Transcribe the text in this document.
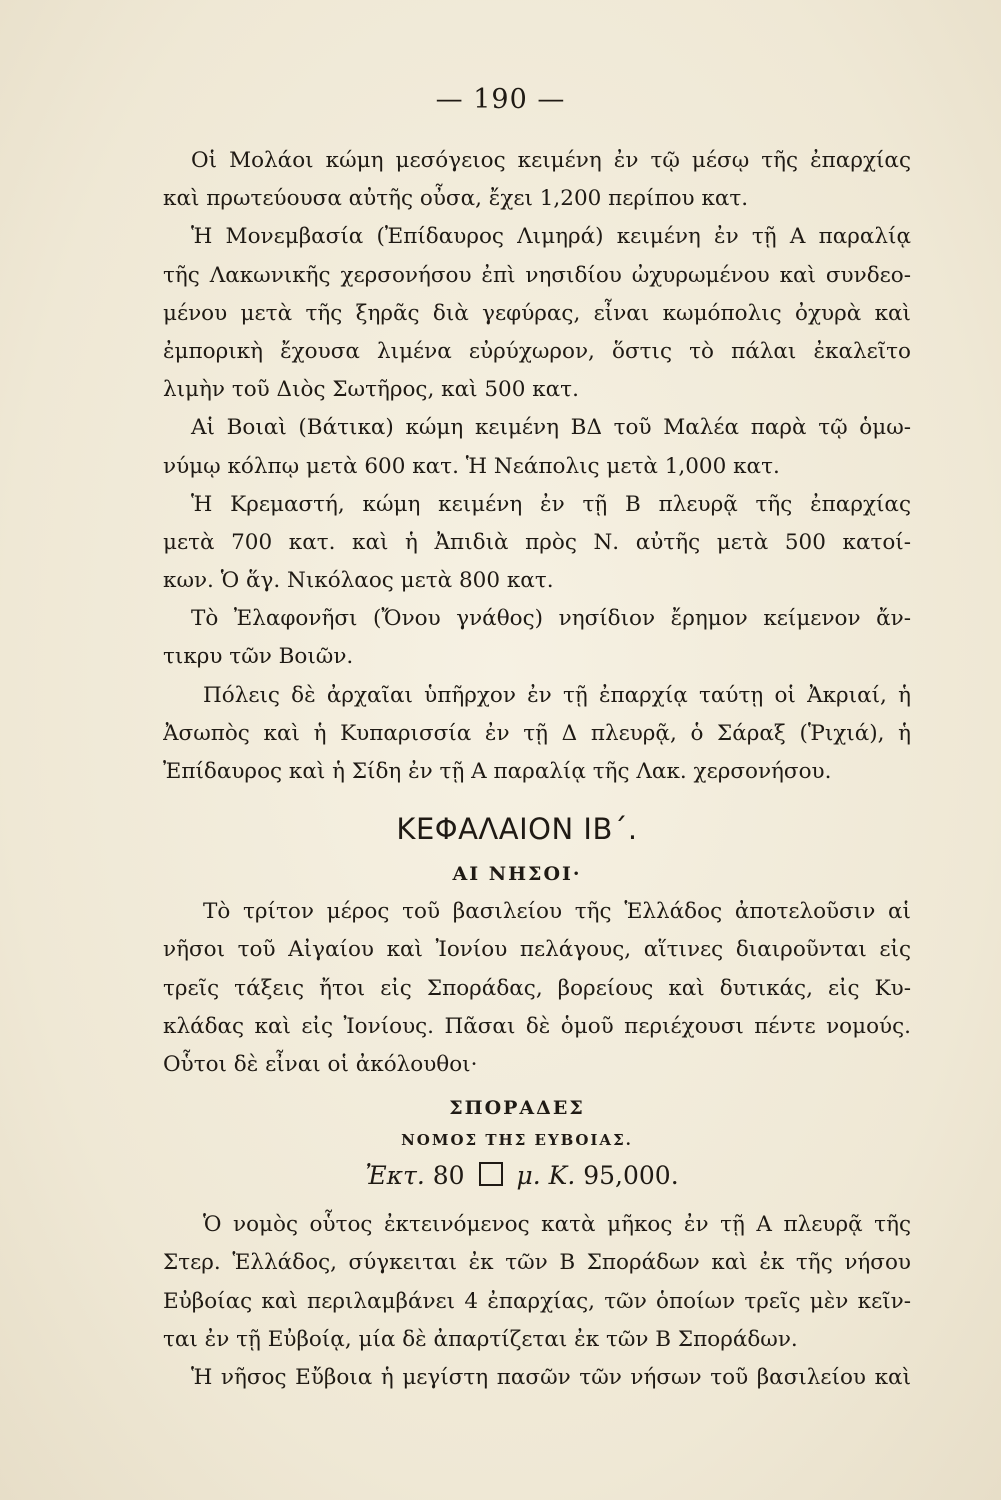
— 190 —
Οἱ Μολάοι κώμη μεσόγειος κειμένη ἐν τῷ μέσῳ τῆς ἐπαρχίας
καὶ πρωτεύουσα αὐτῆς οὖσα, ἔχει 1,200 περίπου κατ.
Ἡ Μονεμβασία (Ἐπίδαυρος Λιμηρά) κειμένη ἐν τῇ Α παραλίᾳ
τῆς Λακωνικῆς χερσονήσου ἐπὶ νησιδίου ὠχυρωμένου καὶ συνδεο-
μένου μετὰ τῆς ξηρᾶς διὰ γεφύρας, εἶναι κωμόπολις ὀχυρὰ καὶ
ἐμπορικὴ ἔχουσα λιμένα εὐρύχωρον, ὅστις τὸ πάλαι ἐκαλεῖτο
λιμὴν τοῦ Διὸς Σωτῆρος, καὶ 500 κατ.
Αἱ Βοιαὶ (Βάτικα) κώμη κειμένη ΒΔ τοῦ Μαλέα παρὰ τῷ ὁμω-
νύμῳ κόλπῳ μετὰ 600 κατ. Ἡ Νεάπολις μετὰ 1,000 κατ.
Ἡ Κρεμαστή, κώμη κειμένη ἐν τῇ Β πλευρᾷ τῆς ἐπαρχίας
μετὰ 700 κατ. καὶ ἡ Ἀπιδιὰ πρὸς Ν. αὐτῆς μετὰ 500 κατοί-
κων. Ὁ ἅγ. Νικόλαος μετὰ 800 κατ.
Τὸ Ἐλαφονῆσι (Ὄνου γνάθος) νησίδιον ἔρημον κείμενον ἄν-
τικρυ τῶν Βοιῶν.
Πόλεις δὲ ἀρχαῖαι ὑπῆρχον ἐν τῇ ἐπαρχίᾳ ταύτῃ οἱ Ἀκριαί, ἡ
Ἀσωπὸς καὶ ἡ Κυπαρισσία ἐν τῇ Δ πλευρᾷ, ὁ Σάραξ (Ῥιχιά), ἡ
Ἐπίδαυρος καὶ ἡ Σίδη ἐν τῇ Α παραλίᾳ τῆς Λακ. χερσονήσου.
ΚΕΦΑΛΑΙΟΝ ΙΒ΄.
ΑΙ ΝΗΣΟΙ·
Τὸ τρίτον μέρος τοῦ βασιλείου τῆς Ἑλλάδος ἀποτελοῦσιν αἱ
νῆσοι τοῦ Αἰγαίου καὶ Ἰονίου πελάγους, αἵτινες διαιροῦνται εἰς
τρεῖς τάξεις ἤτοι εἰς Σποράδας, βορείους καὶ δυτικάς, εἰς Κυ-
κλάδας καὶ εἰς Ἰονίους. Πᾶσαι δὲ ὁμοῦ περιέχουσι πέντε νομούς.
Οὗτοι δὲ εἶναι οἱ ἀκόλουθοι·
ΣΠΟΡΑΔΕΣ
ΝΟΜΟΣ ΤΗΣ ΕΥΒΟΙΑΣ.
Ἐκτ. 80 μ. Κ. 95,000.
Ὁ νομὸς οὗτος ἐκτεινόμενος κατὰ μῆκος ἐν τῇ Α πλευρᾷ τῆς
Στερ. Ἑλλάδος, σύγκειται ἐκ τῶν Β Σποράδων καὶ ἐκ τῆς νήσου
Εὐβοίας καὶ περιλαμβάνει 4 ἐπαρχίας, τῶν ὁποίων τρεῖς μὲν κεῖν-
ται ἐν τῇ Εὐβοίᾳ, μία δὲ ἀπαρτίζεται ἐκ τῶν Β Σποράδων.
Ἡ νῆσος Εὔβοια ἡ μεγίστη πασῶν τῶν νήσων τοῦ βασιλείου καὶ
